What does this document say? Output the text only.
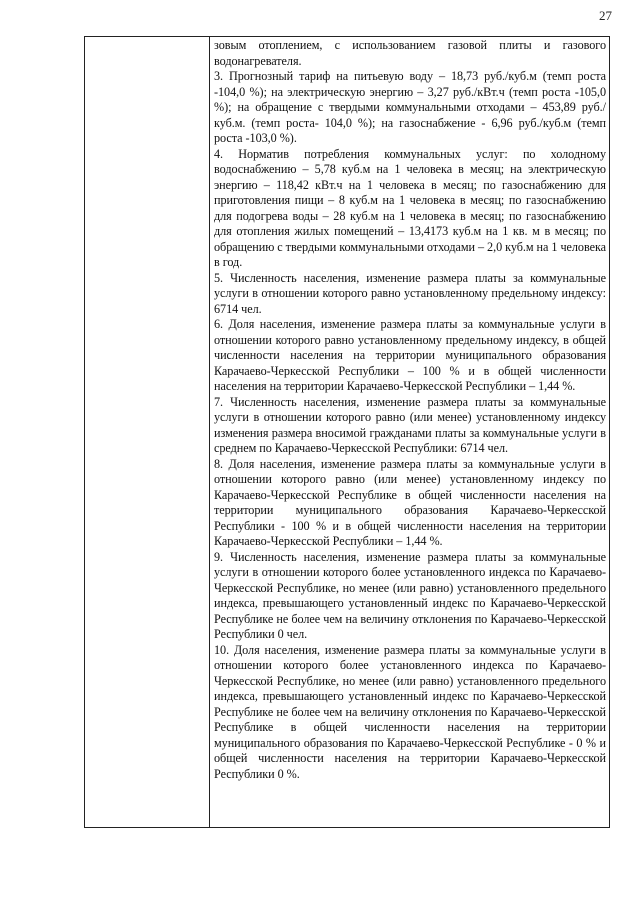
27

зовым отоплением, с использованием газовой плиты и газового водонагревателя.

3. Прогнозный тариф на питьевую воду – 18,73 руб./куб.м (темп роста -104,0 %); на электрическую энергию – 3,27 руб./кВт.ч (темп роста -105,0 %); на обращение с твердыми коммунальными отходами – 453,89 руб./куб.м. (темп роста- 104,0 %); на газоснабжение - 6,96 руб./куб.м (темп роста -103,0 %).

4. Норматив потребления коммунальных услуг: по холодному водоснабжению – 5,78 куб.м на 1 человека в месяц; на электрическую энергию – 118,42 кВт.ч на 1 человека в месяц; по газоснабжению для приготовления пищи – 8 куб.м на 1 человека в месяц; по газоснабжению для подогрева воды – 28 куб.м на 1 человека в месяц; по газоснабжению для отопления жилых помещений – 13,4173 куб.м на 1 кв. м в месяц; по обращению с твердыми коммунальными отходами – 2,0 куб.м на 1 человека в год.

5. Численность населения, изменение размера платы за коммунальные услуги в отношении которого равно установленному предельному индексу: 6714 чел.

6. Доля населения, изменение размера платы за коммунальные услуги в отношении которого равно установленному предельному индексу, в общей численности населения на территории муниципального образования Карачаево-Черкесской Республики – 100 % и в общей численности населения на территории Карачаево-Черкесской Республики – 1,44 %.

7. Численность населения, изменение размера платы за коммунальные услуги в отношении которого равно (или менее) установленному индексу изменения размера вносимой гражданами платы за коммунальные услуги в среднем по Карачаево-Черкесской Республики: 6714 чел.

8. Доля населения, изменение размера платы за коммунальные услуги в отношении которого равно (или менее) установленному индексу по Карачаево-Черкесской Республике в общей численности населения на территории муниципального образования Карачаево-Черкесской Республики - 100 % и в общей численности населения на территории Карачаево-Черкесской Республики – 1,44 %.

9. Численность населения, изменение размера платы за коммунальные услуги в отношении которого более установленного индекса по Карачаево-Черкесской Республике, но менее (или равно) установленного предельного индекса, превышающего установленный индекс по Карачаево-Черкесской Республике не более чем на величину отклонения по Карачаево-Черкесской Республики 0 чел.

10. Доля населения, изменение размера платы за коммунальные услуги в отношении которого более установленного индекса по Карачаево-Черкесской Республике, но менее (или равно) установленного предельного индекса, превышающего установленный индекс по Карачаево-Черкесской Республике не более чем на величину отклонения по Карачаево-Черкесской Республике в общей численности населения на территории муниципального образования по Карачаево-Черкесской Республике - 0 % и общей численности населения на территории Карачаево-Черкесской Республики 0 %.
